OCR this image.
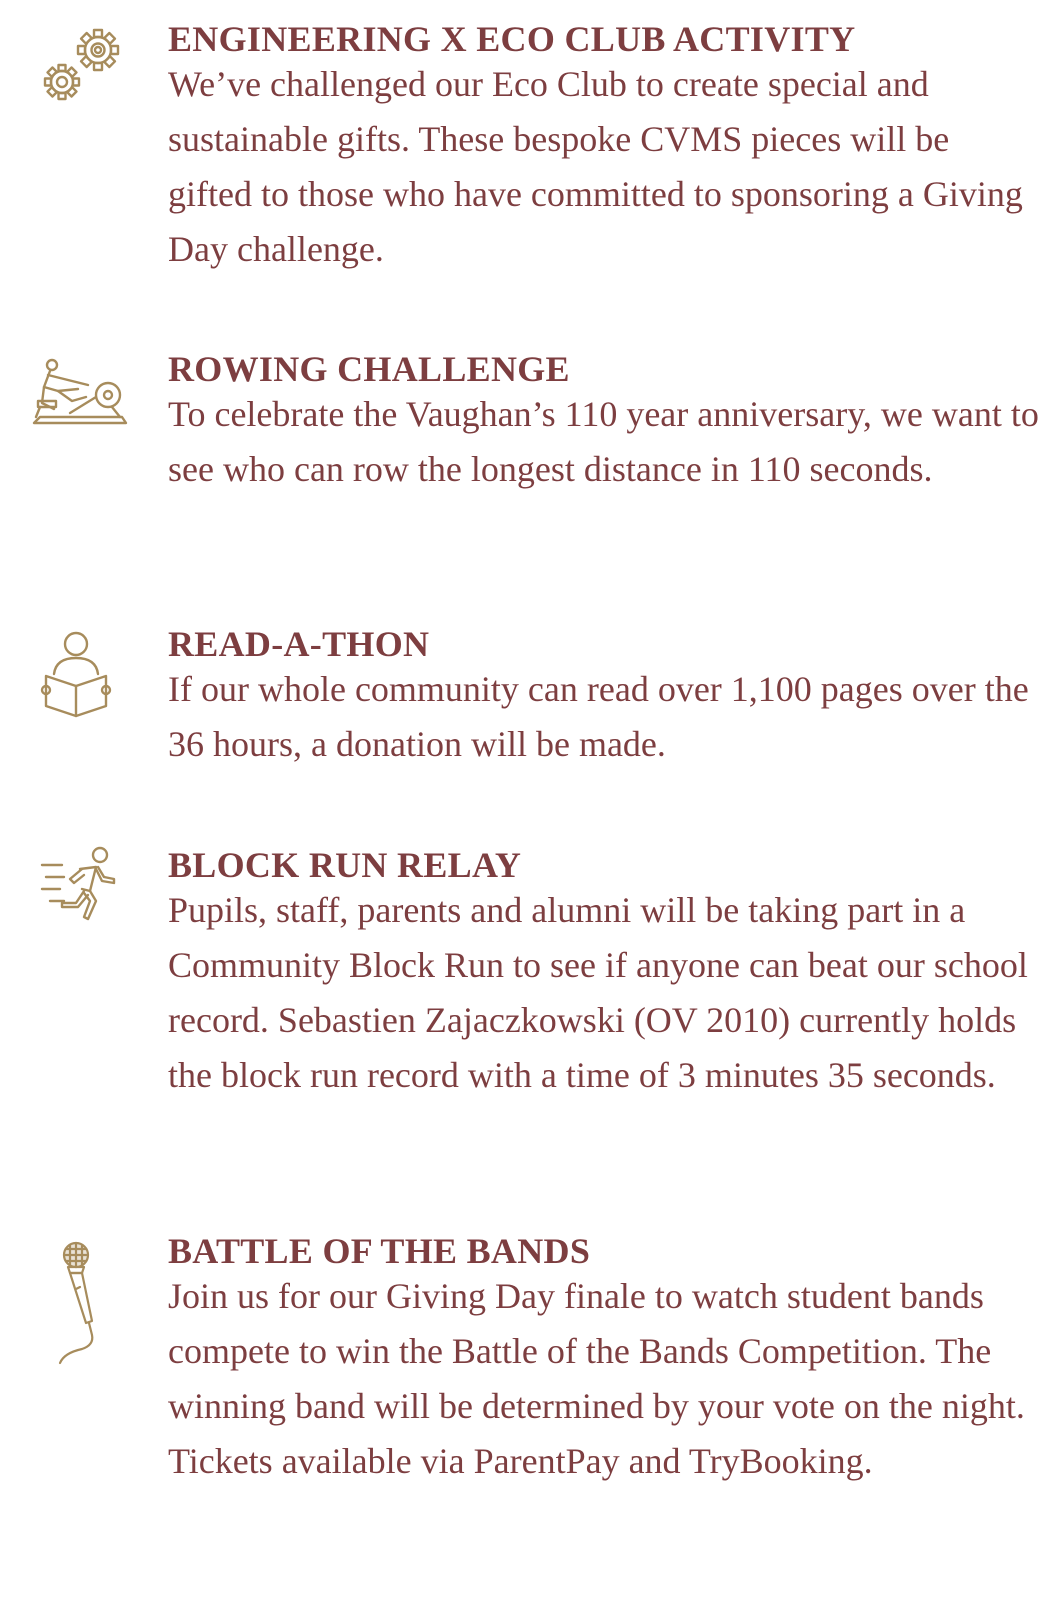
ENGINEERING X ECO CLUB ACTIVITY

We’ve challenged our Eco Club to create special and sustainable gifts. These bespoke CVMS pieces will be gifted to those who have committed to sponsoring a Giving Day challenge.

ROWING CHALLENGE

To celebrate the Vaughan’s 110 year anniversary, we want to see who can row the longest distance in 110 seconds.

READ-A-THON

If our whole community can read over 1,100 pages over the 36 hours, a donation will be made.

BLOCK RUN RELAY

Pupils, staff, parents and alumni will be taking part in a Community Block Run to see if anyone can beat our school record. Sebastien Zajaczkowski (OV 2010) currently holds the block run record with a time of 3 minutes 35 seconds.

BATTLE OF THE BANDS

Join us for our Giving Day finale to watch student bands compete to win the Battle of the Bands Competition. The winning band will be determined by your vote on the night. Tickets available via ParentPay and TryBooking.
